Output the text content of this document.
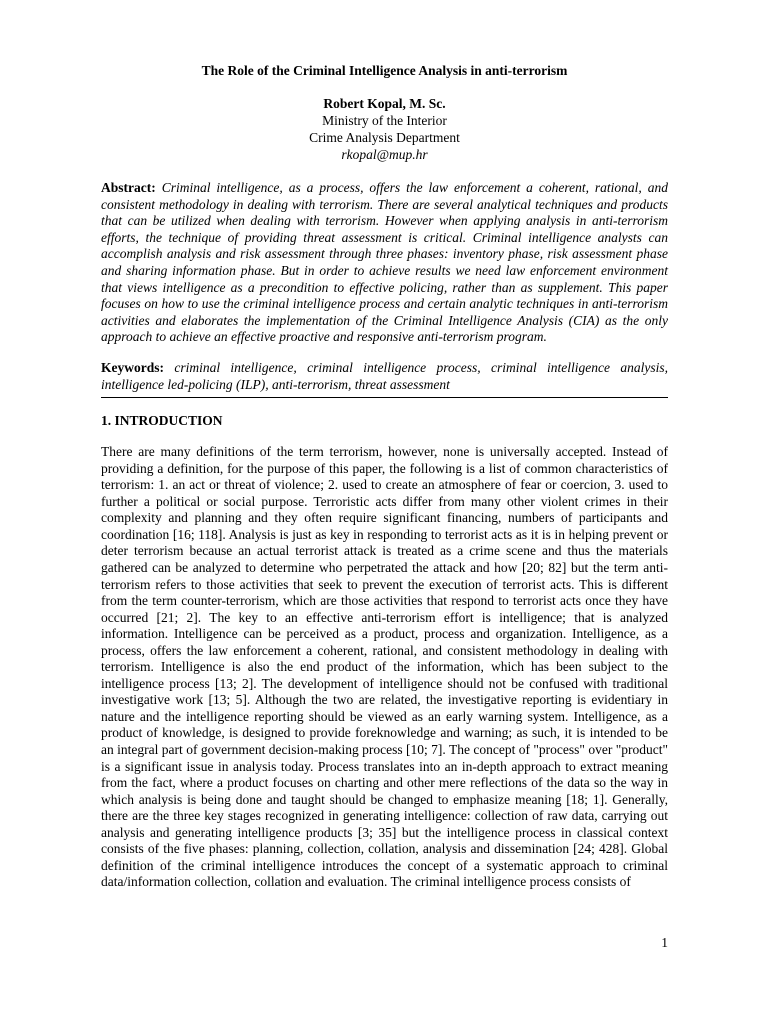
The Role of the Criminal Intelligence Analysis in anti-terrorism
Robert Kopal, M. Sc.
Ministry of the Interior
Crime Analysis Department
rkopal@mup.hr

Abstract: Criminal intelligence, as a process, offers the law enforcement a coherent, rational, and consistent methodology in dealing with terrorism. There are several analytical techniques and products that can be utilized when dealing with terrorism. However when applying analysis in anti-terrorism efforts, the technique of providing threat assessment is critical. Criminal intelligence analysts can accomplish analysis and risk assessment through three phases: inventory phase, risk assessment phase and sharing information phase. But in order to achieve results we need law enforcement environment that views intelligence as a precondition to effective policing, rather than as supplement. This paper focuses on how to use the criminal intelligence process and certain analytic techniques in anti-terrorism activities and elaborates the implementation of the Criminal Intelligence Analysis (CIA) as the only approach to achieve an effective proactive and responsive anti-terrorism program.

Keywords: criminal intelligence, criminal intelligence process, criminal intelligence analysis, intelligence led-policing (ILP), anti-terrorism, threat assessment

1. INTRODUCTION

There are many definitions of the term terrorism, however, none is universally accepted. Instead of providing a definition, for the purpose of this paper, the following is a list of common characteristics of terrorism: 1. an act or threat of violence; 2. used to create an atmosphere of fear or coercion, 3. used to further a political or social purpose. Terroristic acts differ from many other violent crimes in their complexity and planning and they often require significant financing, numbers of participants and coordination [16; 118]. Analysis is just as key in responding to terrorist acts as it is in helping prevent or deter terrorism because an actual terrorist attack is treated as a crime scene and thus the materials gathered can be analyzed to determine who perpetrated the attack and how [20; 82] but the term anti-terrorism refers to those activities that seek to prevent the execution of terrorist acts. This is different from the term counter-terrorism, which are those activities that respond to terrorist acts once they have occurred [21; 2]. The key to an effective anti-terrorism effort is intelligence; that is analyzed information. Intelligence can be perceived as a product, process and organization. Intelligence, as a process, offers the law enforcement a coherent, rational, and consistent methodology in dealing with terrorism. Intelligence is also the end product of the information, which has been subject to the intelligence process [13; 2]. The development of intelligence should not be confused with traditional investigative work [13; 5]. Although the two are related, the investigative reporting is evidentiary in nature and the intelligence reporting should be viewed as an early warning system. Intelligence, as a product of knowledge, is designed to provide foreknowledge and warning; as such, it is intended to be an integral part of government decision-making process [10; 7]. The concept of "process" over "product" is a significant issue in analysis today. Process translates into an in-depth approach to extract meaning from the fact, where a product focuses on charting and other mere reflections of the data so the way in which analysis is being done and taught should be changed to emphasize meaning [18; 1]. Generally, there are the three key stages recognized in generating intelligence: collection of raw data, carrying out analysis and generating intelligence products [3; 35] but the intelligence process in classical context consists of the five phases: planning, collection, collation, analysis and dissemination [24; 428]. Global definition of the criminal intelligence introduces the concept of a systematic approach to criminal data/information collection, collation and evaluation. The criminal intelligence process consists of

1
